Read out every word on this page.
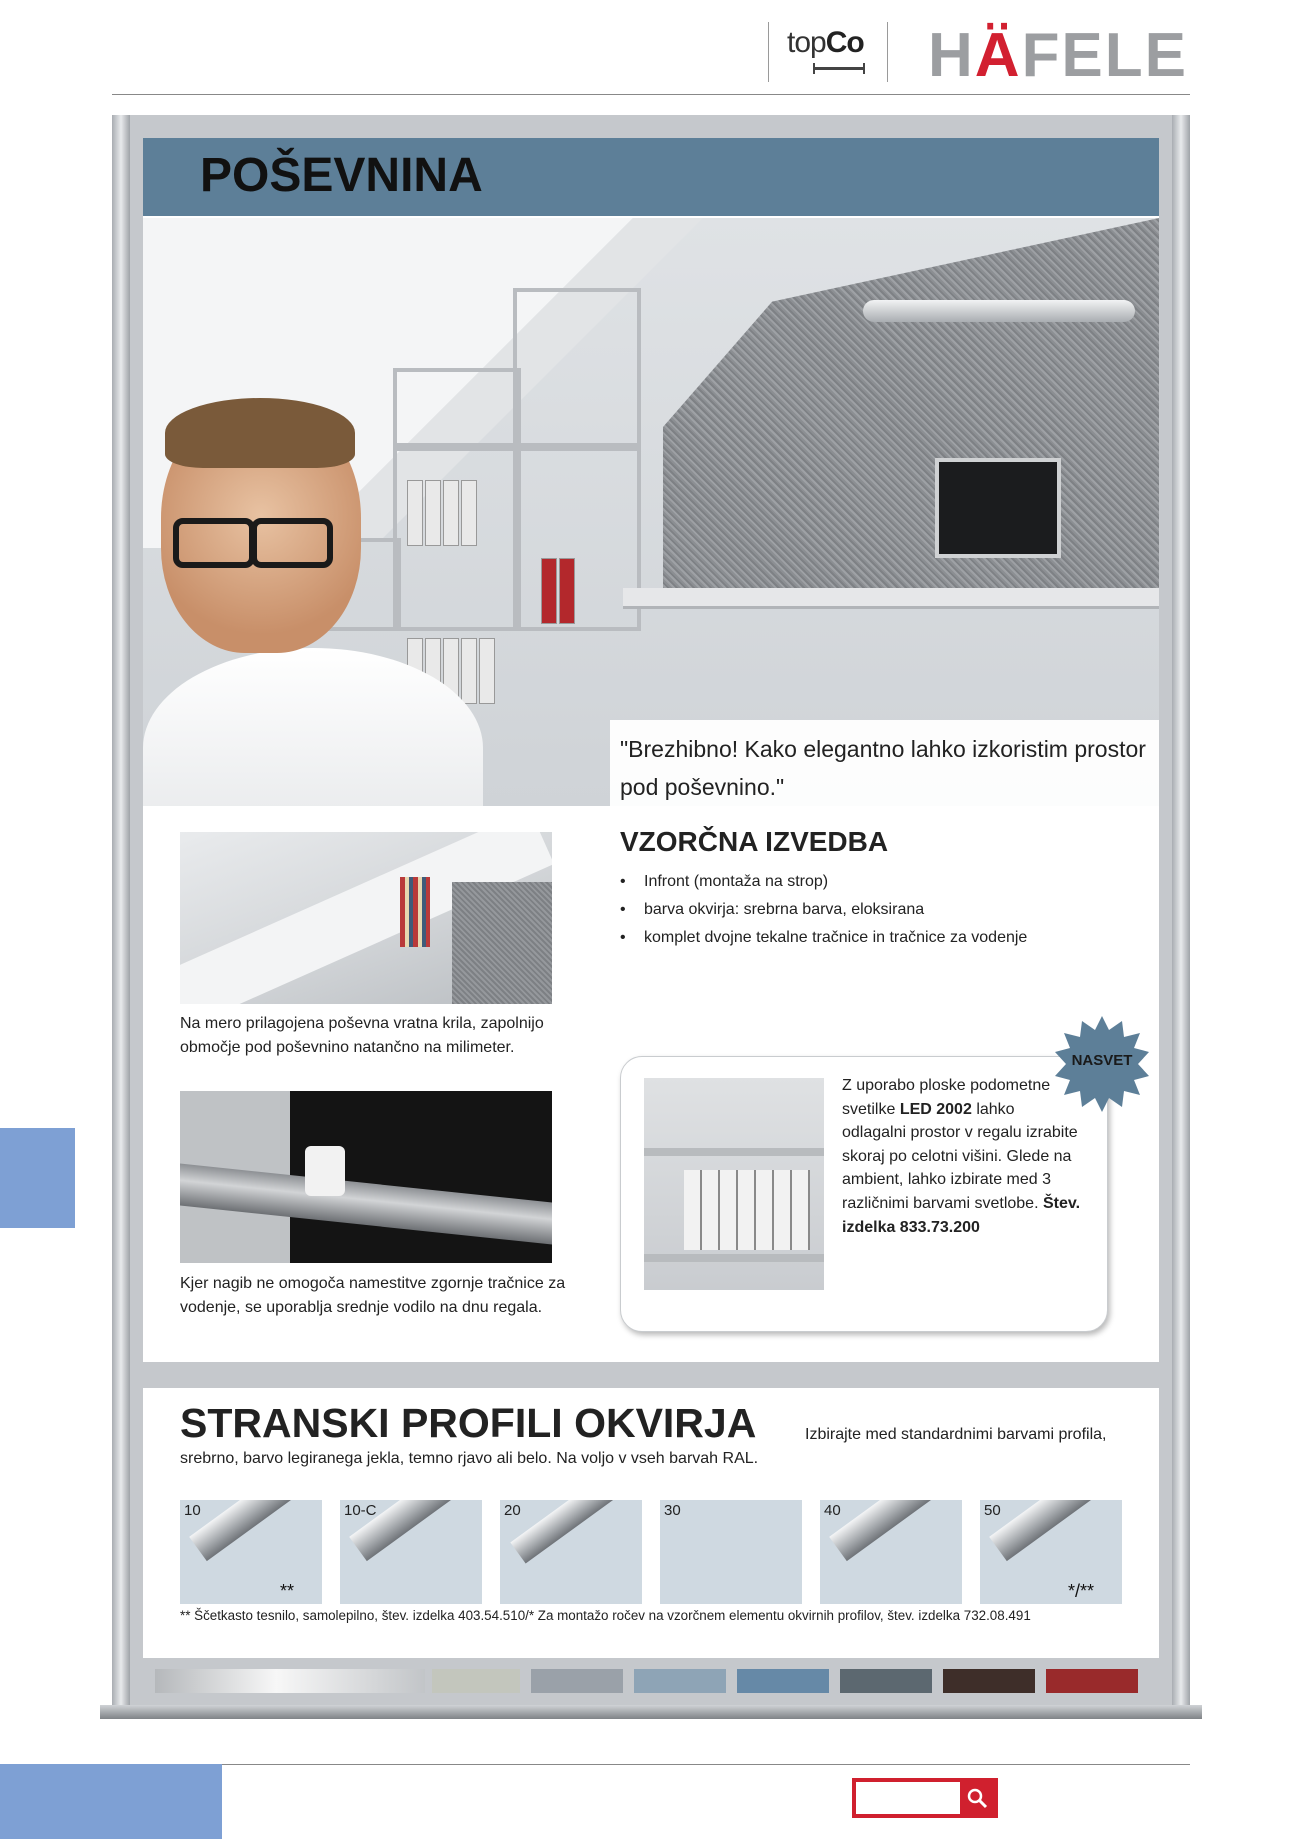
topCo HÄFELE
POŠEVNINA
"Brezhibno! Kako elegantno lahko izkoristim prostor pod poševnino."
Na mero prilagojena poševna vratna krila, zapolnijo območje pod poševnino natančno na milimeter.
Kjer nagib ne omogoča namestitve zgornje tračnice za vodenje, se uporablja srednje vodilo na dnu regala.
VZORČNA IZVEDBA
• Infront (montaža na strop)
• barva okvirja: srebrna barva, eloksirana
• komplet dvojne tekalne tračnice in tračnice za vodenje
Z uporabo ploske podometne svetilke LED 2002 lahko odlagalni prostor v regalu izrabite skoraj po celotni višini. Glede na ambient, lahko izbirate med 3 različnimi barvami svetlobe. Štev. izdelka 833.73.200
NASVET
STRANSKI PROFILI OKVIRJA	Izbirajte med standardnimi barvami profila,
srebrno, barvo legiranega jekla, temno rjavo ali belo. Na voljo v vseh barvah RAL.
10
**
10-C	20	30	40	50
*/**
** Ščetkasto tesnilo, samolepilno, štev. izdelka 403.54.510/* Za montažo ročev na vzorčnem elementu okvirnih profilov, štev. izdelka 732.08.491
